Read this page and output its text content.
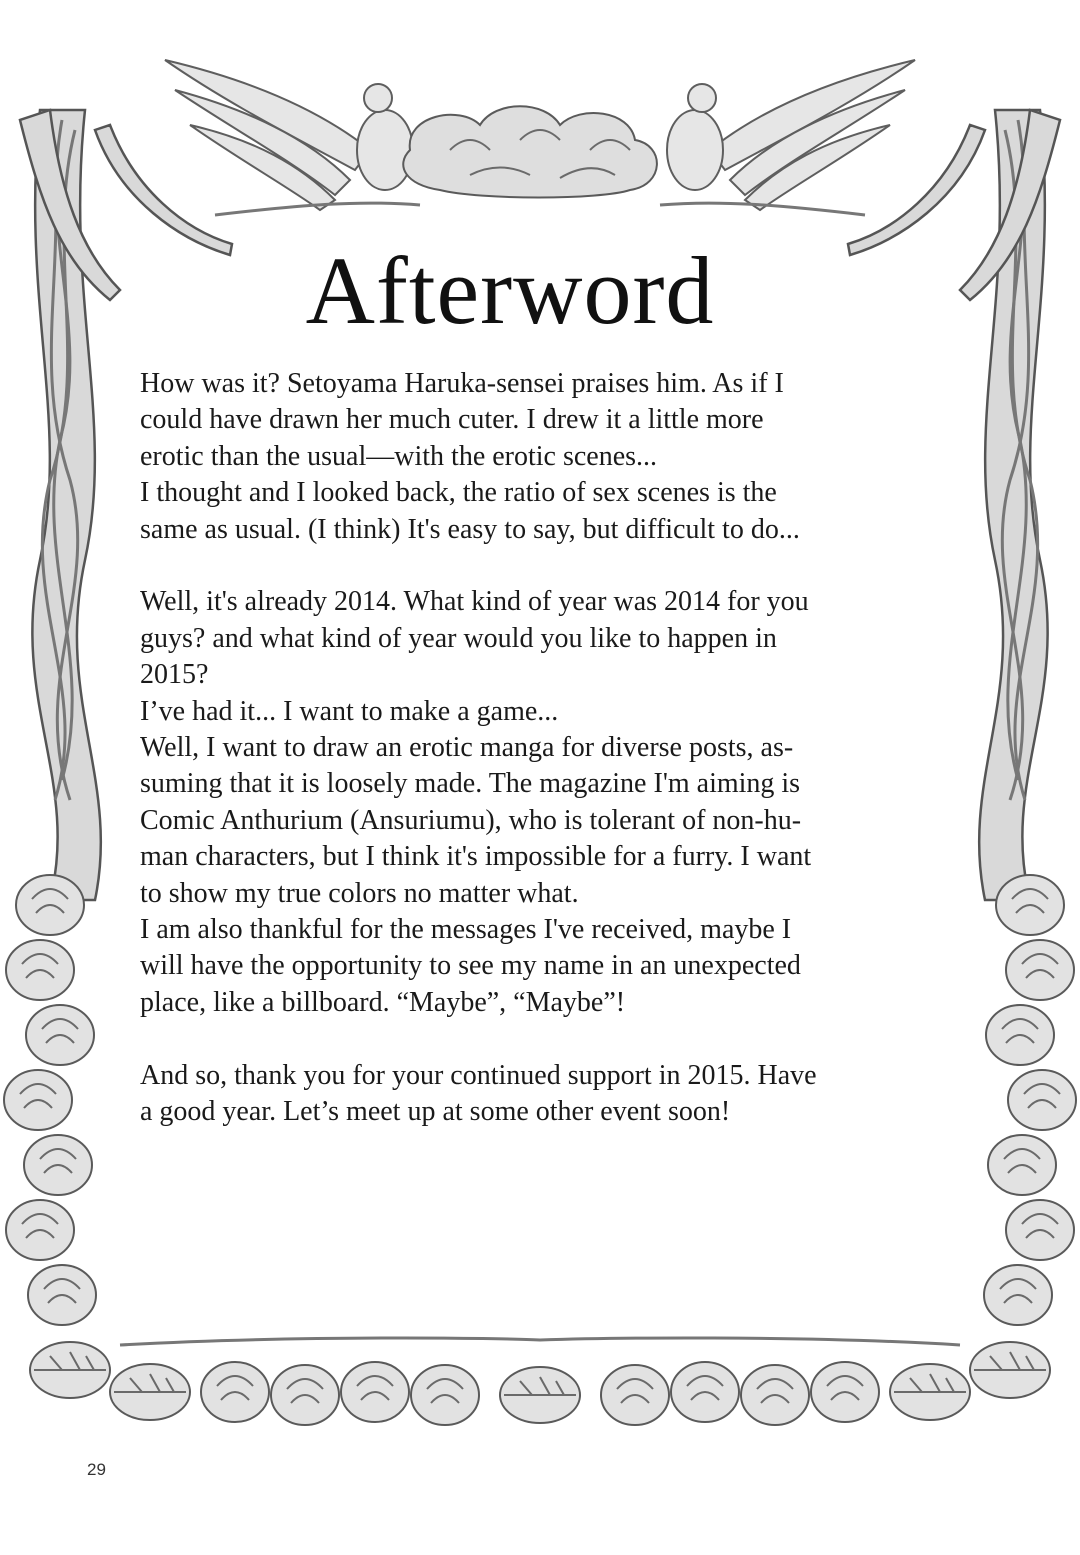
Afterword

How was it? Setoyama Haruka-sensei praises him. As if I
could have drawn her much cuter. I drew it a little more
erotic than the usual—with the erotic scenes...
I thought and I looked back, the ratio of sex scenes is the
same as usual. (I think) It's easy to say, but difficult to do...

Well, it's already 2014. What kind of year was 2014 for you
guys? and what kind of year would you like to happen in
2015?
I’ve had it... I want to make a game...
Well, I want to draw an erotic manga for diverse posts, as-
suming that it is loosely made. The magazine I'm aiming is
Comic Anthurium (Ansuriumu), who is tolerant of non-hu-
man characters, but I think it's impossible for a furry. I want
to show my true colors no matter what.
I am also thankful for the messages I've received, maybe I
will have the opportunity to see my name in an unexpected
place, like a billboard. “Maybe”, “Maybe”!

And so, thank you for your continued support in 2015. Have
a good year. Let’s meet up at some other event soon!

29
